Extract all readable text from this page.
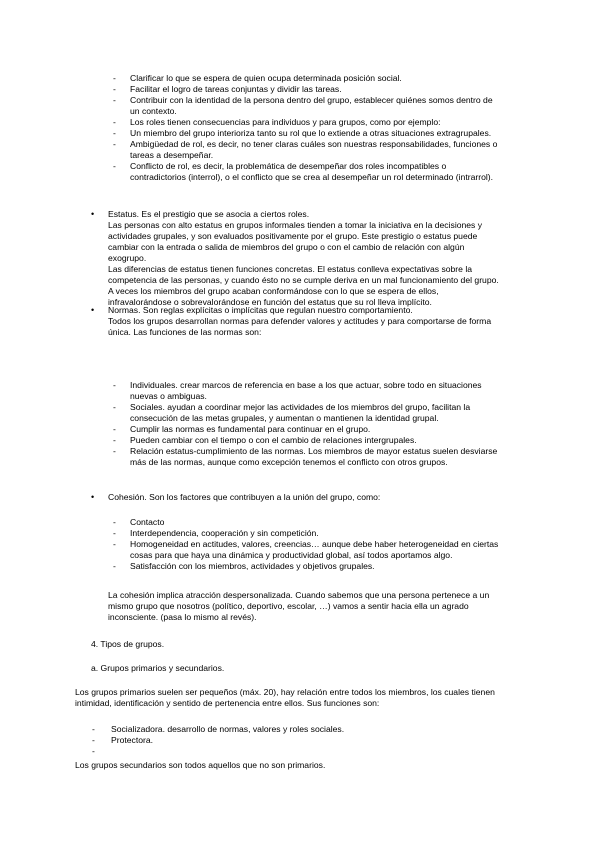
- Clarificar lo que se espera de quien ocupa determinada posición social.
- Facilitar el logro de tareas conjuntas y dividir las tareas.
- Contribuir con la identidad de la persona dentro del grupo, establecer quiénes somos dentro de
un contexto.
- Los roles tienen consecuencias para individuos y para grupos, como por ejemplo:
- Un miembro del grupo interioriza tanto su rol que lo extiende a otras situaciones extragrupales.
- Ambigüedad de rol, es decir, no tener claras cuáles son nuestras responsabilidades, funciones o
tareas a desempeñar.
- Conflicto de rol, es decir, la problemática de desempeñar dos roles incompatibles o
contradictorios (interrol), o el conflicto que se crea al desempeñar un rol determinado (intrarrol).
• Estatus. Es el prestigio que se asocia a ciertos roles.
Las personas con alto estatus en grupos informales tienden a tomar la iniciativa en la decisiones y
actividades grupales, y son evaluados positivamente por el grupo. Este prestigio o estatus puede
cambiar con la entrada o salida de miembros del grupo o con el cambio de relación con algún
exogrupo.
Las diferencias de estatus tienen funciones concretas. El estatus conlleva expectativas sobre la
competencia de las personas, y cuando ésto no se cumple deriva en un mal funcionamiento del grupo.
A veces los miembros del grupo acaban conformándose con lo que se espera de ellos,
infravalorándose o sobrevalorándose en función del estatus que su rol lleva implícito.
• Normas. Son reglas explícitas o implícitas que regulan nuestro comportamiento.
Todos los grupos desarrollan normas para defender valores y actitudes y para comportarse de forma
única. Las funciones de las normas son:
- Individuales. crear marcos de referencia en base a los que actuar, sobre todo en situaciones
nuevas o ambiguas.
- Sociales. ayudan a coordinar mejor las actividades de los miembros del grupo, facilitan la
consecución de las metas grupales, y aumentan o mantienen la identidad grupal.
- Cumplir las normas es fundamental para continuar en el grupo.
- Pueden cambiar con el tiempo o con el cambio de relaciones intergrupales.
- Relación estatus-cumplimiento de las normas. Los miembros de mayor estatus suelen desviarse
más de las normas, aunque como excepción tenemos el conflicto con otros grupos.
• Cohesión. Son los factores que contribuyen a la unión del grupo, como:
- Contacto
- Interdependencia, cooperación y sin competición.
- Homogeneidad en actitudes, valores, creencias… aunque debe haber heterogeneidad en ciertas
cosas para que haya una dinámica y productividad global, así todos aportamos algo.
- Satisfacción con los miembros, actividades y objetivos grupales.
La cohesión implica atracción despersonalizada. Cuando sabemos que una persona pertenece a un
mismo grupo que nosotros (político, deportivo, escolar, …) vamos a sentir hacia ella un agrado
inconsciente. (pasa lo mismo al revés).
4. Tipos de grupos.
a. Grupos primarios y secundarios.
Los grupos primarios suelen ser pequeños (máx. 20), hay relación entre todos los miembros, los cuales tienen
intimidad, identificación y sentido de pertenencia entre ellos. Sus funciones son:
- Socializadora. desarrollo de normas, valores y roles sociales.
- Protectora.
-
Los grupos secundarios son todos aquellos que no son primarios.
